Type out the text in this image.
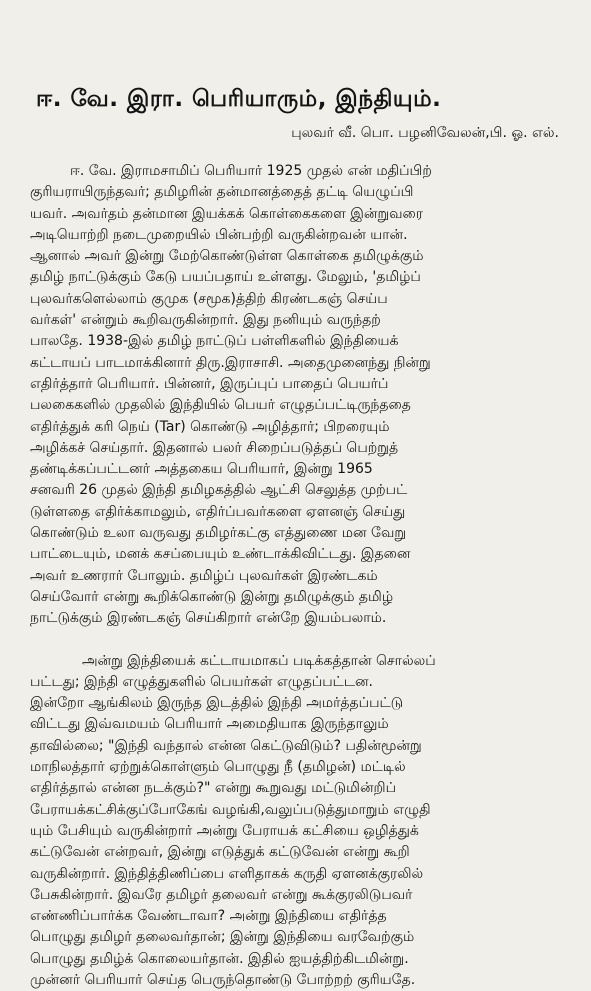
ஈ. வே. இரா. பெரியாரும், இந்தியும்.
புலவர் வீ. பொ. பழனிவேலன்,பி. ஓ. எல்.
ஈ. வே. இராமசாமிப் பெரியார் 1925 முதல் என் மதிப்பிற்
குரியராயிருந்தவர்; தமிழரின் தன்மானத்தைத் தட்டி யெழுப்பி
யவர். அவர்தம் தன்மான இயக்கக் கொள்கைகளை இன்றுவரை
அடியொற்றி நடைமுறையில் பின்பற்றி வருகின்றவன் யான்.
ஆனால் அவர் இன்று மேற்கொண்டுள்ள கொள்கை தமிழுக்கும்
தமிழ் நாட்டுக்கும் கேடு பயப்பதாய் உள்ளது. மேலும், 'தமிழ்ப்
புலவர்களெல்லாம் குமுக (சமூக)த்திற் கிரண்டகஞ் செய்ப
வர்கள்' என்றும் கூறிவருகின்றார். இது நனியும் வருந்தற்
பாலதே. 1938-இல் தமிழ் நாட்டுப் பள்ளிகளில் இந்தியைக்
கட்டாயப் பாடமாக்கினார் திரு.இராசாசி. அதைமுனைந்து நின்று
எதிர்த்தார் பெரியார். பின்னர், இருப்புப் பாதைப் பெயர்ப்
பலகைகளில் முதலில் இந்தியில் பெயர் எழுதப்பட்டிருந்ததை
எதிர்த்துக் கரி நெய் (Tar) கொண்டு அழித்தார்; பிறரையும்
அழிக்கச் செய்தார். இதனால் பலர் சிறைப்படுத்தப் பெற்றுத்
தண்டிக்கப்பட்டனர் அத்தகைய பெரியார், இன்று 1965
சனவரி 26 முதல் இந்தி தமிழகத்தில் ஆட்சி செலுத்த முற்பட்
டுள்ளதை எதிர்க்காமலும், எதிர்ப்பவர்களை ஏளனஞ் செய்து
கொண்டும் உலா வருவது தமிழர்கட்கு எத்துணை மன வேறு
பாட்டையும், மனக் கசப்பையும் உண்டாக்கிவிட்டது. இதனை
அவர் உணரார் போலும். தமிழ்ப் புலவர்கள் இரண்டகம்
செய்வோர் என்று கூறிக்கொண்டு இன்று தமிழுக்கும் தமிழ்
நாட்டுக்கும் இரண்டகஞ் செய்கிறார் என்றே இயம்பலாம்.
அன்று இந்தியைக் கட்டாயமாகப் படிக்கத்தான் சொல்லப்
பட்டது; இந்தி எழுத்துகளில் பெயர்கள் எழுதப்பட்டன.
இன்றோ ஆங்கிலம் இருந்த இடத்தில் இந்தி அமர்த்தப்பட்டு
விட்டது இவ்வமயம் பெரியார் அமைதியாக இருந்தாலும்
தாவில்லை; "இந்தி வந்தால் என்ன கெட்டுவிடும்? பதின்மூன்று
மாநிலத்தார் ஏற்றுக்கொள்ளும் பொழுது நீ (தமிழன்) மட்டில்
எதிர்த்தால் என்ன நடக்கும்?" என்று கூறுவது மட்டுமின்றிப்
பேராயக்கட்சிக்குப்போகேங் வழங்கி,வலுப்படுத்துமாறும் எழுதி
யும் பேசியும் வருகின்றார் அன்று பேராயக் கட்சியை ஒழித்துக்
கட்டுவேன் என்றவர், இன்று எடுத்துக் கட்டுவேன் என்று கூறி
வருகின்றார். இந்தித்திணிப்பை எளிதாகக் கருதி ஏளனக்குரலில்
பேசுகின்றார். இவரே தமிழர் தலைவர் என்று கூக்குரலிடுபவர்
எண்ணிப்பார்க்க வேண்டாவா? அன்று இந்தியை எதிர்த்த
பொழுது தமிழர் தலைவர்தான்; இன்று இந்தியை வரவேற்கும்
பொழுது தமிழ்க் கொலையர்தான். இதில் ஐயத்திற்கிடமின்று.
முன்னர் பெரியார் செய்த பெருந்தொண்டு போற்றற் குரியதே.
